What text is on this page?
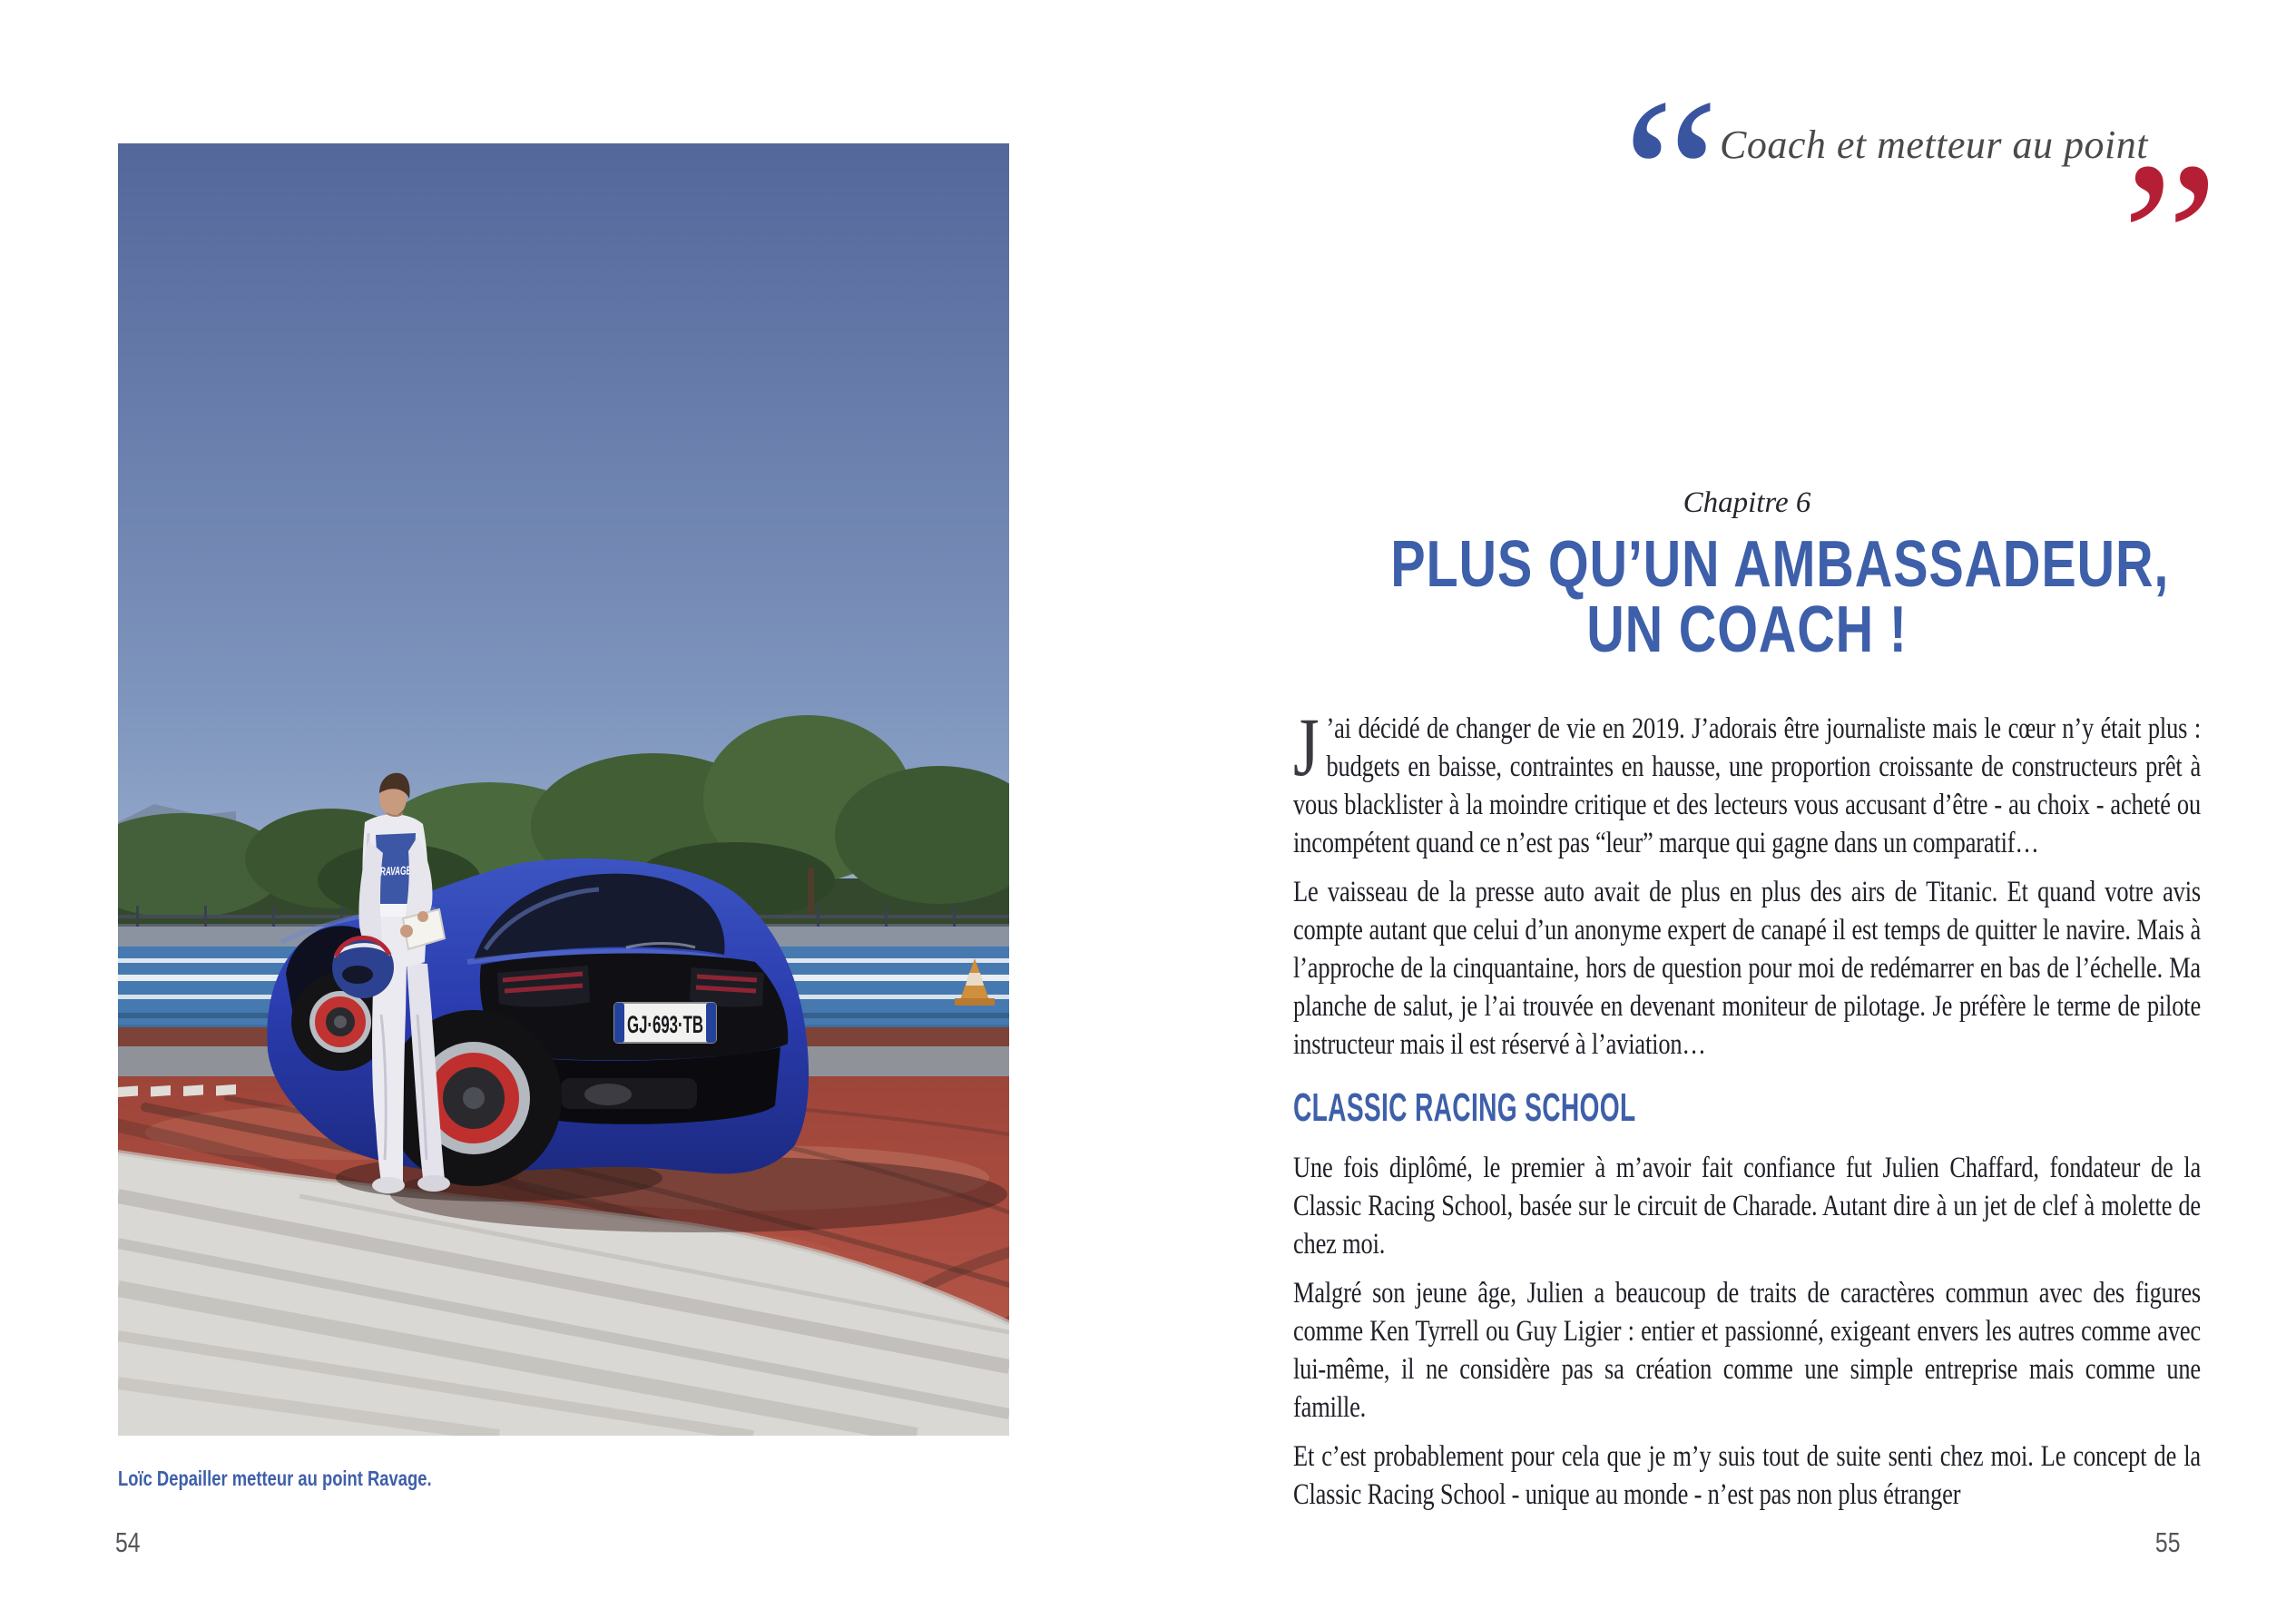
GJ·693·TB
RAVAGE
Loïc Depailler metteur au point Ravage.
54
“ Coach et metteur au point
”
Chapitre 6
PLUS QU’UN AMBASSADEUR,
UN COACH !

J ’ai décidé de changer de vie en 2019. J’adorais être journaliste mais le cœur n’y était plus : budgets en baisse, contraintes en hausse, une proportion croissante de constructeurs prêt à vous blacklister à la moindre critique et des lecteurs vous accusant d’être - au choix - acheté ou incompétent quand ce n’est pas “leur” marque qui gagne dans un comparatif…

Le vaisseau de la presse auto avait de plus en plus des airs de Titanic. Et quand votre avis compte autant que celui d’un anonyme expert de canapé il est temps de quitter le navire. Mais à l’approche de la cinquantaine, hors de question pour moi de redémarrer en bas de l’échelle. Ma planche de salut, je l’ai trouvée en devenant moniteur de pilotage. Je préfère le terme de pilote instructeur mais il est réservé à l’aviation…

CLASSIC RACING SCHOOL

Une fois diplômé, le premier à m’avoir fait confiance fut Julien Chaffard, fondateur de la Classic Racing School, basée sur le circuit de Charade. Autant dire à un jet de clef à molette de chez moi.

Malgré son jeune âge, Julien a beaucoup de traits de caractères commun avec des figures comme Ken Tyrrell ou Guy Ligier : entier et passionné, exigeant envers les autres comme avec lui-même, il ne considère pas sa création comme une simple entreprise mais comme une famille.

Et c’est probablement pour cela que je m’y suis tout de suite senti chez moi. Le concept de la Classic Racing School - unique au monde - n’est pas non plus étranger

55
